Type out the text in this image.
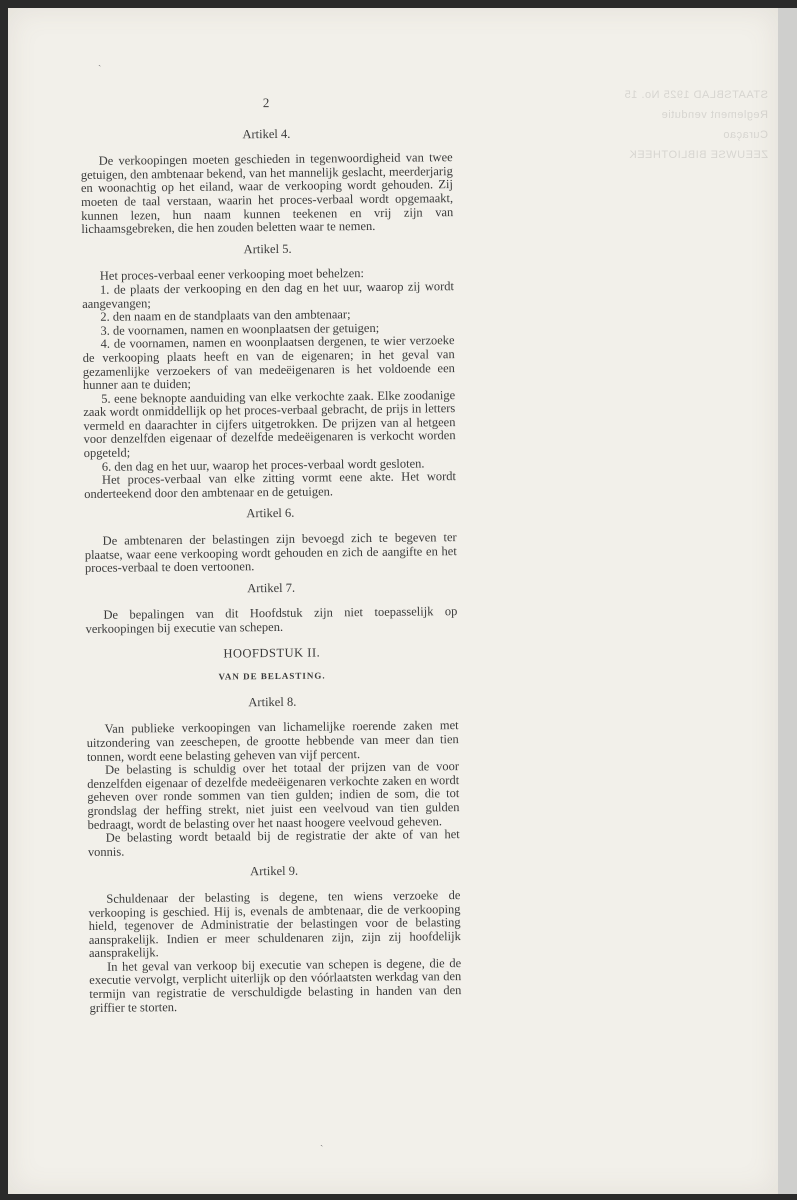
STAATSBLAD 1925 No. 15
Reglement vendutie
Curaçao
ZEEUWSE BIBLIOTHEEK
2
Artikel 4.

De verkoopingen moeten geschieden in tegenwoordigheid van twee getuigen, den ambtenaar bekend, van het mannelijk geslacht, meerderjarig en woonachtig op het eiland, waar de verkooping wordt gehouden. Zij moeten de taal verstaan, waarin het proces-verbaal wordt opgemaakt, kunnen lezen, hun naam kunnen teekenen en vrij zijn van lichaamsgebreken, die hen zouden beletten waar te nemen.

Artikel 5.

Het proces-verbaal eener verkooping moet behelzen:

1. de plaats der verkooping en den dag en het uur, waarop zij wordt aangevangen;

2. den naam en de standplaats van den ambtenaar;

3. de voornamen, namen en woonplaatsen der getuigen;

4. de voornamen, namen en woonplaatsen dergenen, te wier verzoeke de verkooping plaats heeft en van de eigenaren; in het geval van gezamenlijke verzoekers of van medeëigenaren is het voldoende een hunner aan te duiden;

5. eene beknopte aanduiding van elke verkochte zaak. Elke zoodanige zaak wordt onmiddellijk op het proces-verbaal gebracht, de prijs in letters vermeld en daarachter in cijfers uitgetrokken. De prijzen van al hetgeen voor denzelfden eigenaar of dezelfde medeëigenaren is verkocht worden opgeteld;

6. den dag en het uur, waarop het proces-verbaal wordt gesloten.

Het proces-verbaal van elke zitting vormt eene akte. Het wordt onderteekend door den ambtenaar en de getuigen.

Artikel 6.

De ambtenaren der belastingen zijn bevoegd zich te begeven ter plaatse, waar eene verkooping wordt gehouden en zich de aangifte en het proces-verbaal te doen vertoonen.

Artikel 7.

De bepalingen van dit Hoofdstuk zijn niet toepasselijk op verkoopingen bij executie van schepen.

HOOFDSTUK II.
VAN DE BELASTING.
Artikel 8.

Van publieke verkoopingen van lichamelijke roerende zaken met uitzondering van zeeschepen, de grootte hebbende van meer dan tien tonnen, wordt eene belasting geheven van vijf percent.

De belasting is schuldig over het totaal der prijzen van de voor denzelfden eigenaar of dezelfde medeëigenaren verkochte zaken en wordt geheven over ronde sommen van tien gulden; indien de som, die tot grondslag der heffing strekt, niet juist een veelvoud van tien gulden bedraagt, wordt de belasting over het naast hoogere veelvoud geheven.

De belasting wordt betaald bij de registratie der akte of van het vonnis.

Artikel 9.

Schuldenaar der belasting is degene, ten wiens verzoeke de verkooping is geschied. Hij is, evenals de ambtenaar, die de verkooping hield, tegenover de Administratie der belastingen voor de belasting aansprakelijk. Indien er meer schuldenaren zijn, zijn zij hoofdelijk aansprakelijk.

In het geval van verkoop bij executie van schepen is degene, die de executie vervolgt, verplicht uiterlijk op den vóórlaatsten werkdag van den termijn van registratie de verschuldigde belasting in handen van den griffier te storten.

ˎ
ˏ
